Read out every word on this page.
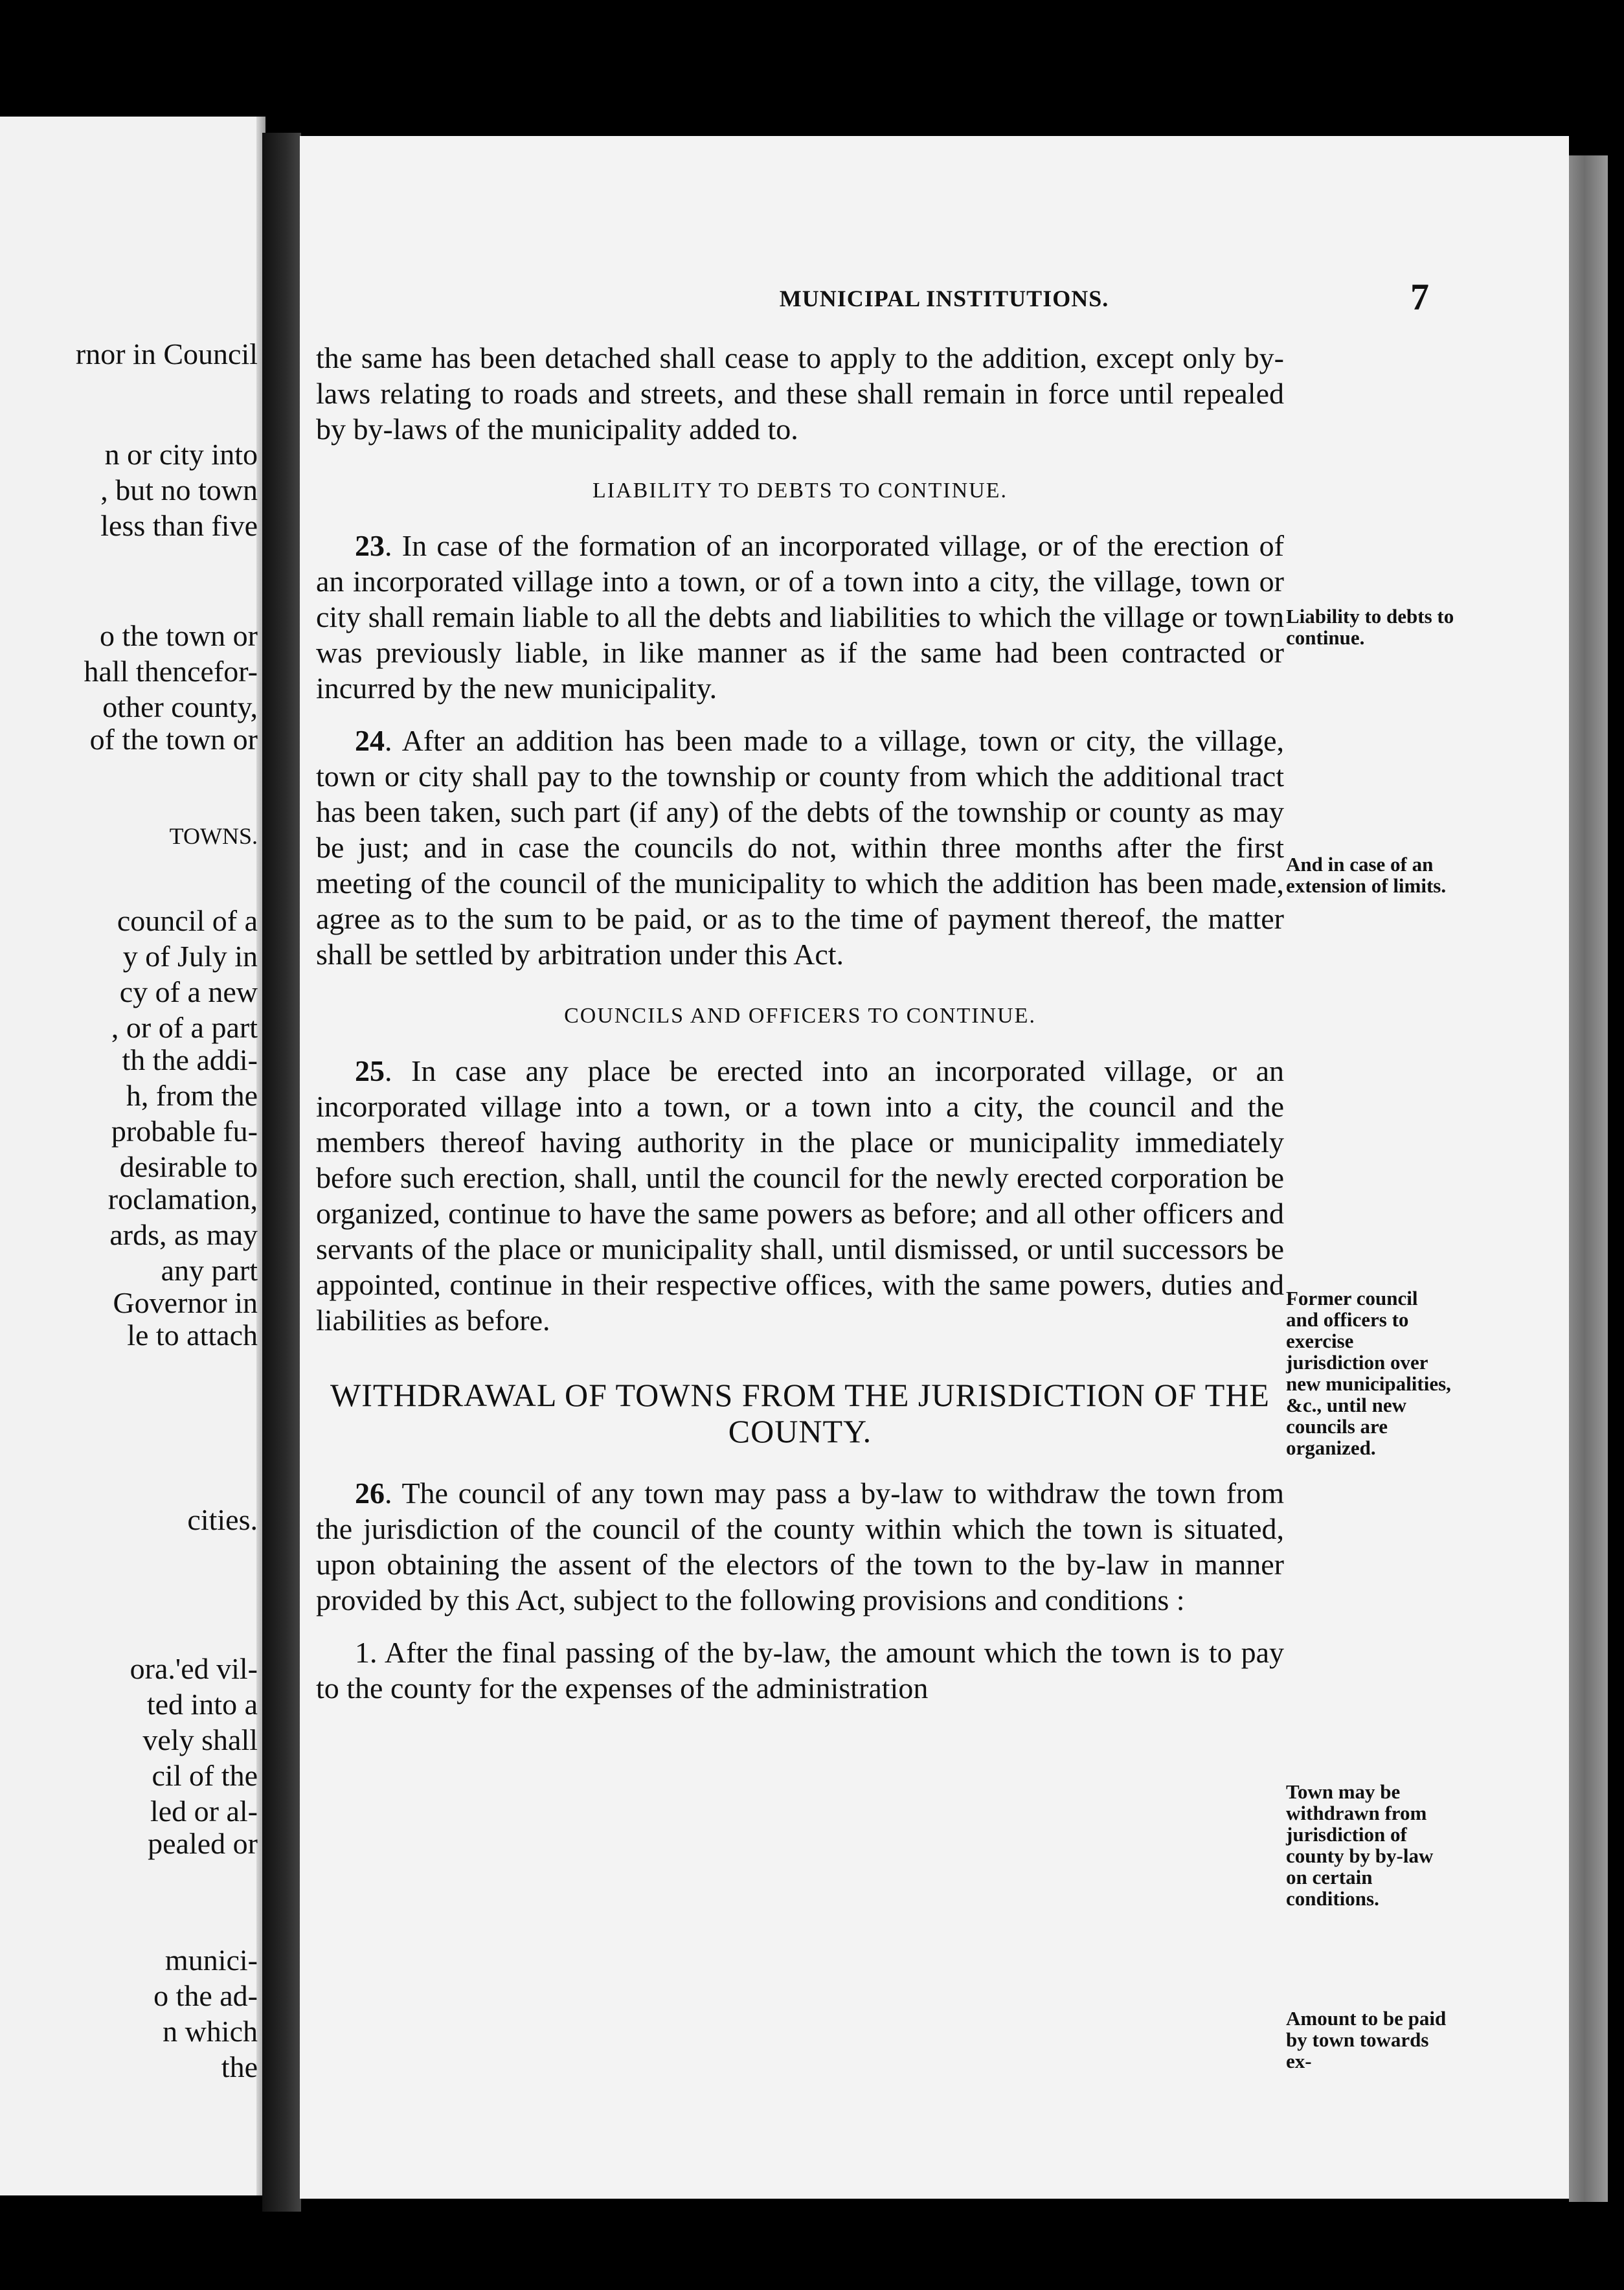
rnor in Council
n or city into
, but no town
less than five
o the town or
hall thencefor-
other county,
of the town or
TOWNS.
council of a
y of July in
cy of a new
, or of a part
th the addi-
h, from the
probable fu-
desirable to
roclamation,
ards, as may
any part
Governor in
le to attach
cities.
ora.'ed vil-
ted into a
vely shall
cil of the
led or al-
pealed or
munici-
o the ad-
n which
the
MUNICIPAL INSTITUTIONS.	7

the same has been detached shall cease to apply to the addition, except only by-laws relating to roads and streets, and these shall remain in force until repealed by by-laws of the municipality added to.

LIABILITY TO DEBTS TO CONTINUE.

23. In case of the formation of an incorporated village, or of the erection of an incorporated village into a town, or of a town into a city, the village, town or city shall remain liable to all the debts and liabilities to which the village or town was previously liable, in like manner as if the same had been contracted or incurred by the new municipality.

24. After an addition has been made to a village, town or city, the village, town or city shall pay to the township or county from which the additional tract has been taken, such part (if any) of the debts of the township or county as may be just; and in case the councils do not, within three months after the first meeting of the council of the municipality to which the addition has been made, agree as to the sum to be paid, or as to the time of payment thereof, the matter shall be settled by arbitration under this Act.

COUNCILS AND OFFICERS TO CONTINUE.

25. In case any place be erected into an incorporated village, or an incorporated village into a town, or a town into a city, the council and the members thereof having authority in the place or municipality immediately before such erection, shall, until the council for the newly erected corporation be organized, continue to have the same powers as before; and all other officers and servants of the place or municipality shall, until dismissed, or until successors be appointed, continue in their respective offices, with the same powers, duties and liabilities as before.

WITHDRAWAL OF TOWNS FROM THE JURISDICTION OF THE COUNTY.

26. The council of any town may pass a by-law to withdraw the town from the jurisdiction of the council of the county within which the town is situated, upon obtaining the assent of the electors of the town to the by-law in manner provided by this Act, subject to the following provisions and conditions :

1. After the final passing of the by-law, the amount which the town is to pay to the county for the expenses of the administration

Liability to debts to continue.
And in case of an extension of limits.
Former council and officers to exercise jurisdiction over new municipalities, &c., until new councils are organized.
Town may be withdrawn from jurisdiction of county by by-law on certain conditions.
Amount to be paid by town towards ex-
